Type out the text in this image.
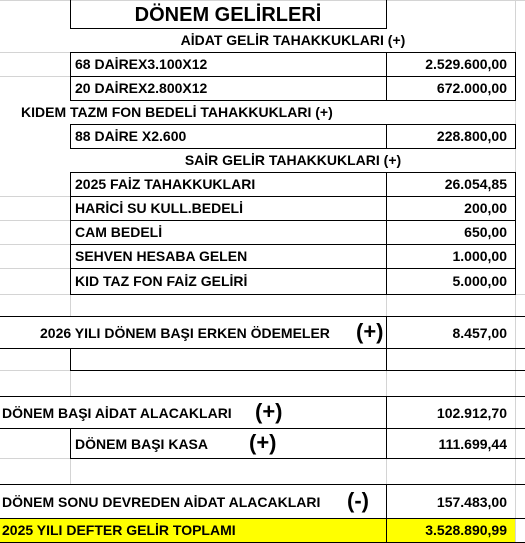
DÖNEM GELİRLERİ
AİDAT GELİR TAHAKKUKLARI (+)
68 DAİREX3.100X12	2.529.600,00
20 DAİREX2.800X12	672.000,00
KIDEM TAZM FON BEDELİ TAHAKKUKLARI (+)
88 DAİRE X2.600	228.800,00
SAİR GELİR TAHAKKUKLARI (+)
2025 FAİZ TAHAKKUKLARI	26.054,85
HARİCİ SU KULL.BEDELİ	200,00
CAM BEDELİ	650,00
SEHVEN HESABA GELEN	1.000,00
KID TAZ FON FAİZ GELİRİ	5.000,00
2026 YILI DÖNEM BAŞI ERKEN ÖDEMELER (+)	8.457,00
DÖNEM BAŞI AİDAT ALACAKLARI (+)	102.912,70
DÖNEM BAŞI KASA (+)	111.699,44
DÖNEM SONU DEVREDEN AİDAT ALACAKLARI (-)	157.483,00
2025 YILI DEFTER GELİR TOPLAMI	3.528.890,99
